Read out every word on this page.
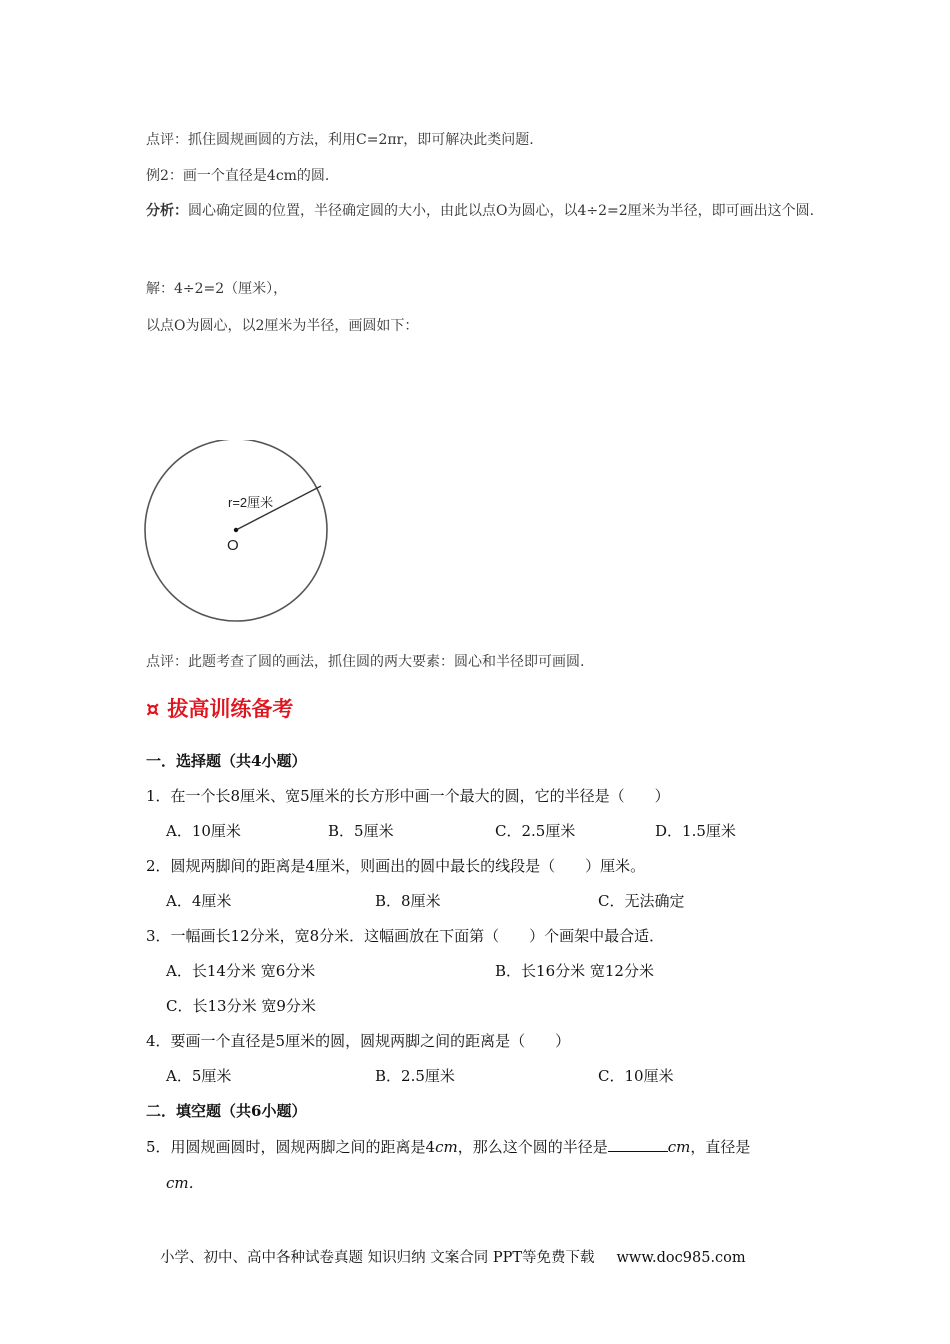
点评：抓住圆规画圆的方法，利用C=2πr，即可解决此类问题.
例2：画一个直径是4cm的圆.
分析：圆心确定圆的位置，半径确定圆的大小，由此以点O为圆心，以4÷2=2厘米为半径，即可画出这个圆.
解：4÷2=2（厘米），
以点O为圆心，以2厘米为半径，画圆如下：
r=2厘米
O
点评：此题考查了圆的画法，抓住圆的两大要素：圆心和半径即可画圆.
¤ 拔高训练备考
一．选择题（共4小题）
1．在一个长8厘米、宽5厘米的长方形中画一个最大的圆，它的半径是（　　）
A．10厘米	B．5厘米	C．2.5厘米	D．1.5厘米
2．圆规两脚间的距离是4厘米，则画出的圆中最长的线段是（　　）厘米。
A．4厘米	B．8厘米	C．无法确定
3．一幅画长12分米，宽8分米．这幅画放在下面第（　　）个画架中最合适．
A．长14分米 宽6分米	B．长16分米 宽12分米
C．长13分米 宽9分米
4．要画一个直径是5厘米的圆，圆规两脚之间的距离是（　　）
A．5厘米	B．2.5厘米	C．10厘米
二．填空题（共6小题）
5．用圆规画圆时，圆规两脚之间的距离是4cm，那么这个圆的半径是	cm，直径是
cm．
小学、初中、高中各种试卷真题 知识归纳 文案合同 PPT等免费下载 www.doc985.com
